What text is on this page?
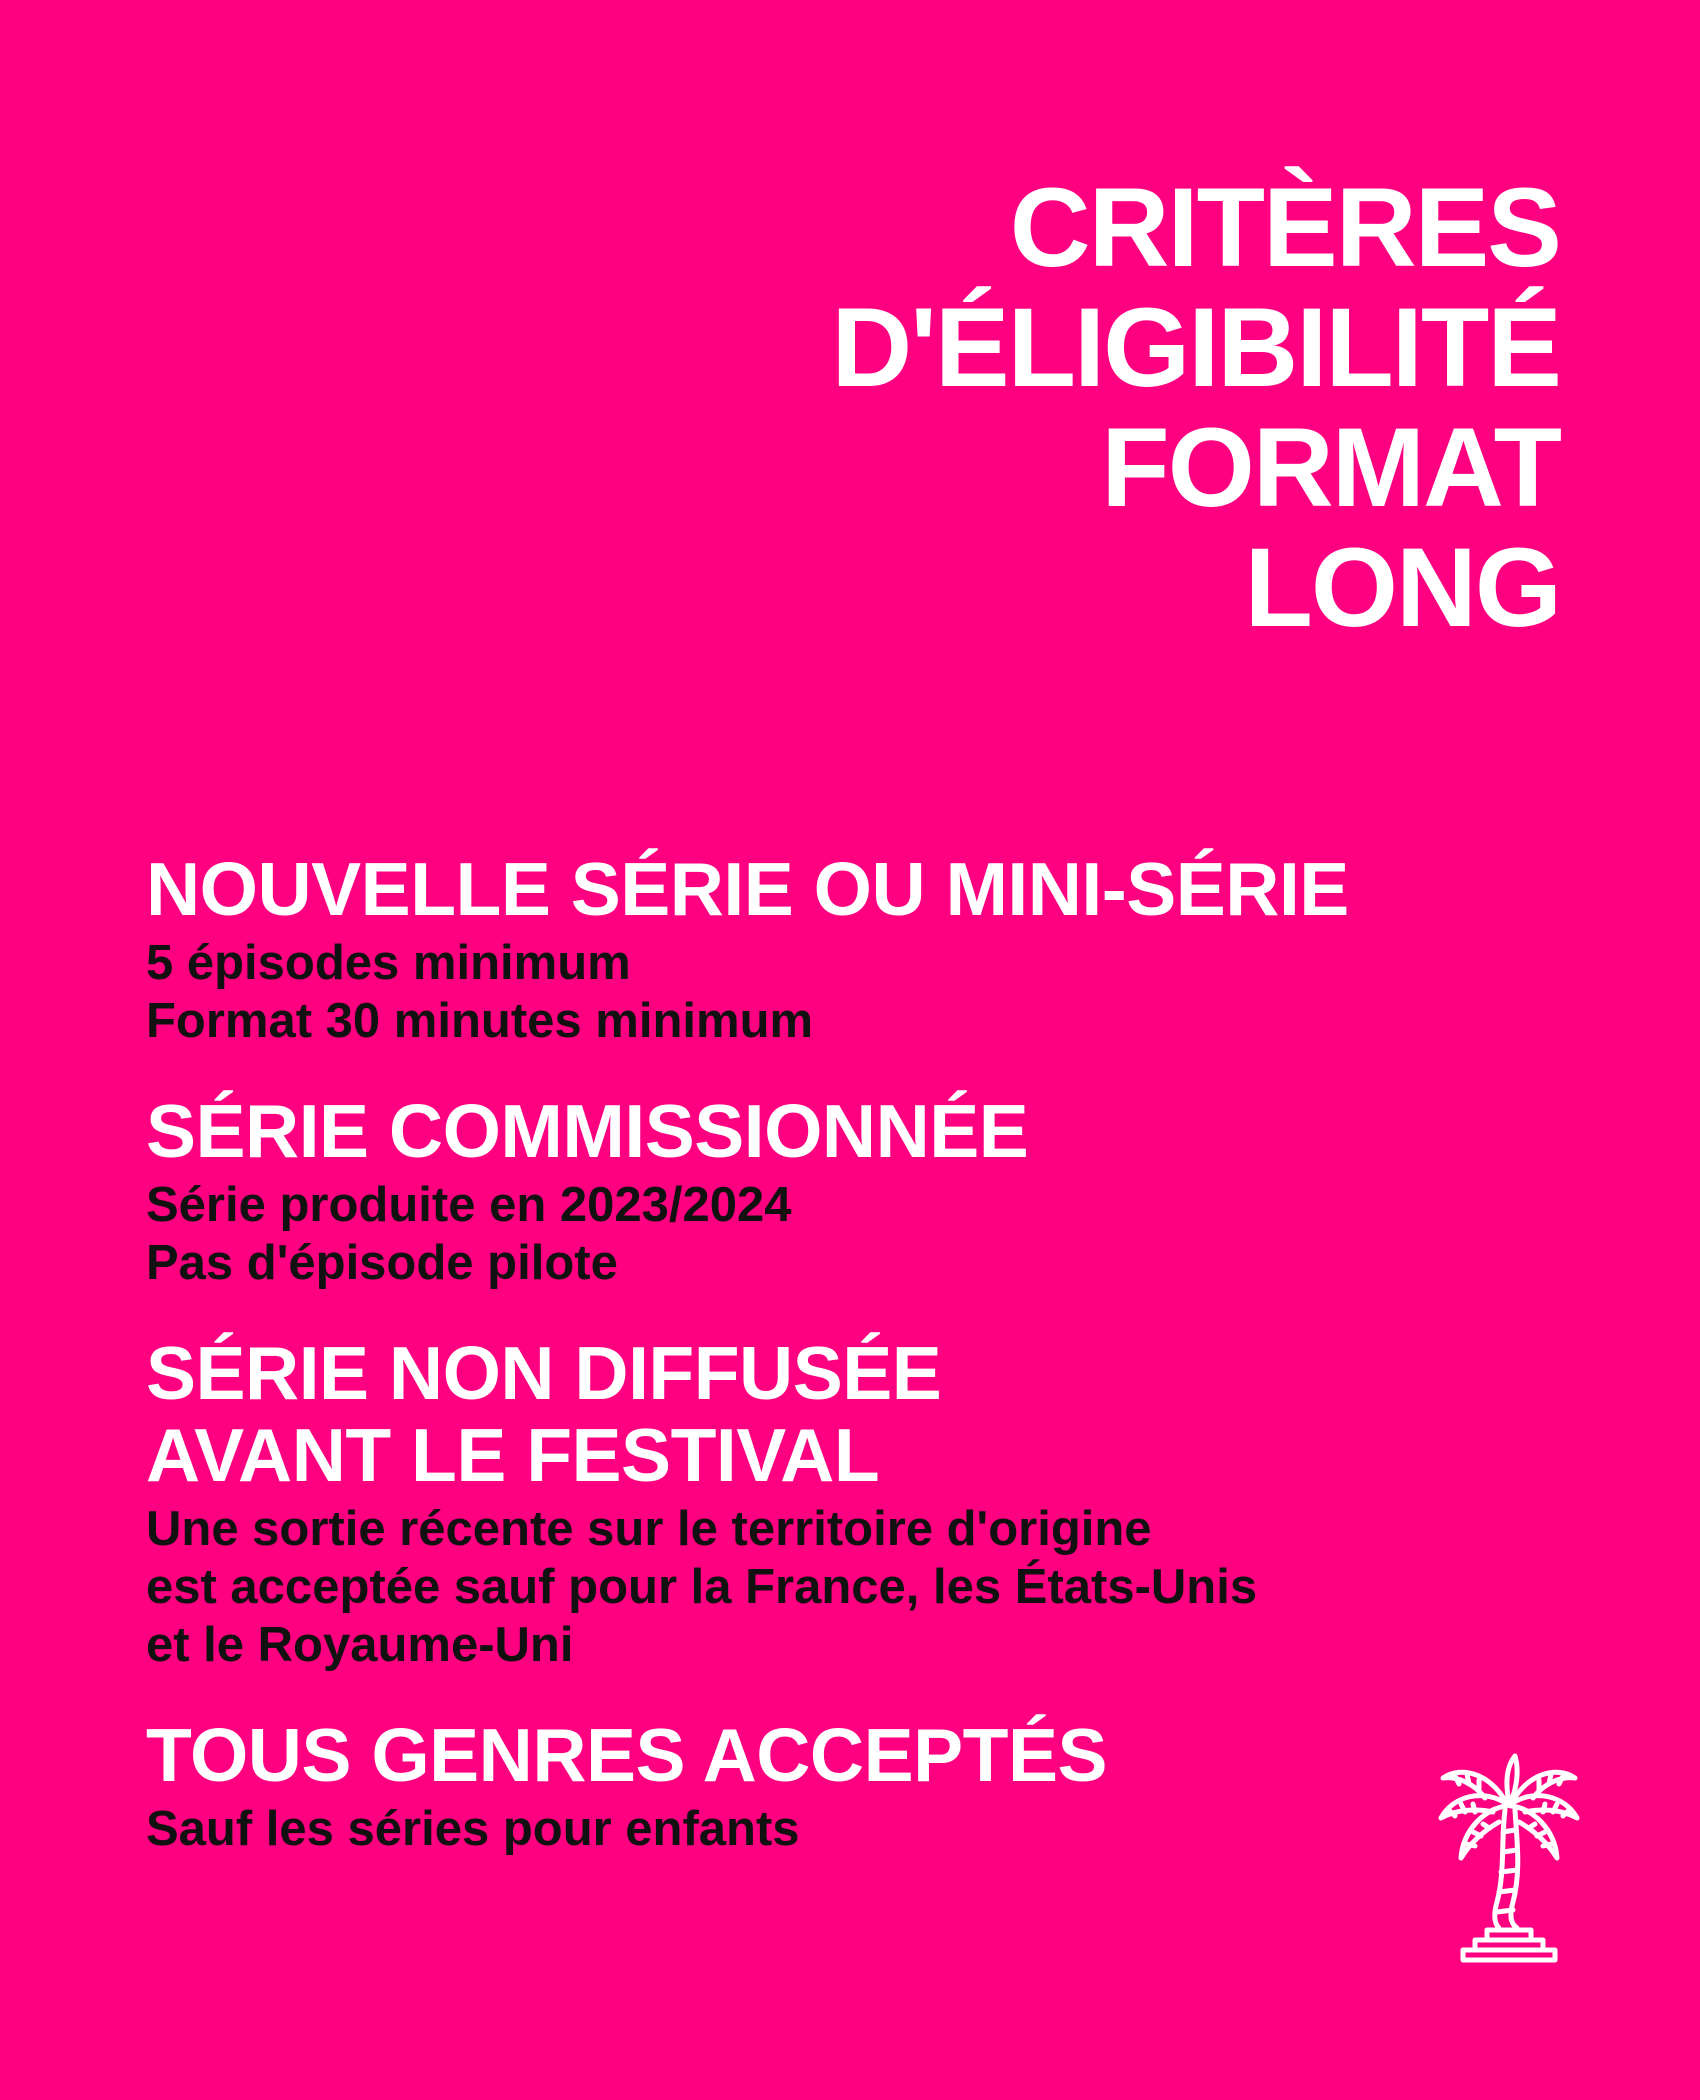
CRITÈRES
D'ÉLIGIBILITÉ
FORMAT
LONG
NOUVELLE SÉRIE OU MINI-SÉRIE
5 épisodes minimum
Format 30 minutes minimum
SÉRIE COMMISSIONNÉE
Série produite en 2023/2024
Pas d'épisode pilote
SÉRIE NON DIFFUSÉE
AVANT LE FESTIVAL
Une sortie récente sur le territoire d'origine
est acceptée sauf pour la France, les États-Unis
et le Royaume-Uni
TOUS GENRES ACCEPTÉS
Sauf les séries pour enfants
